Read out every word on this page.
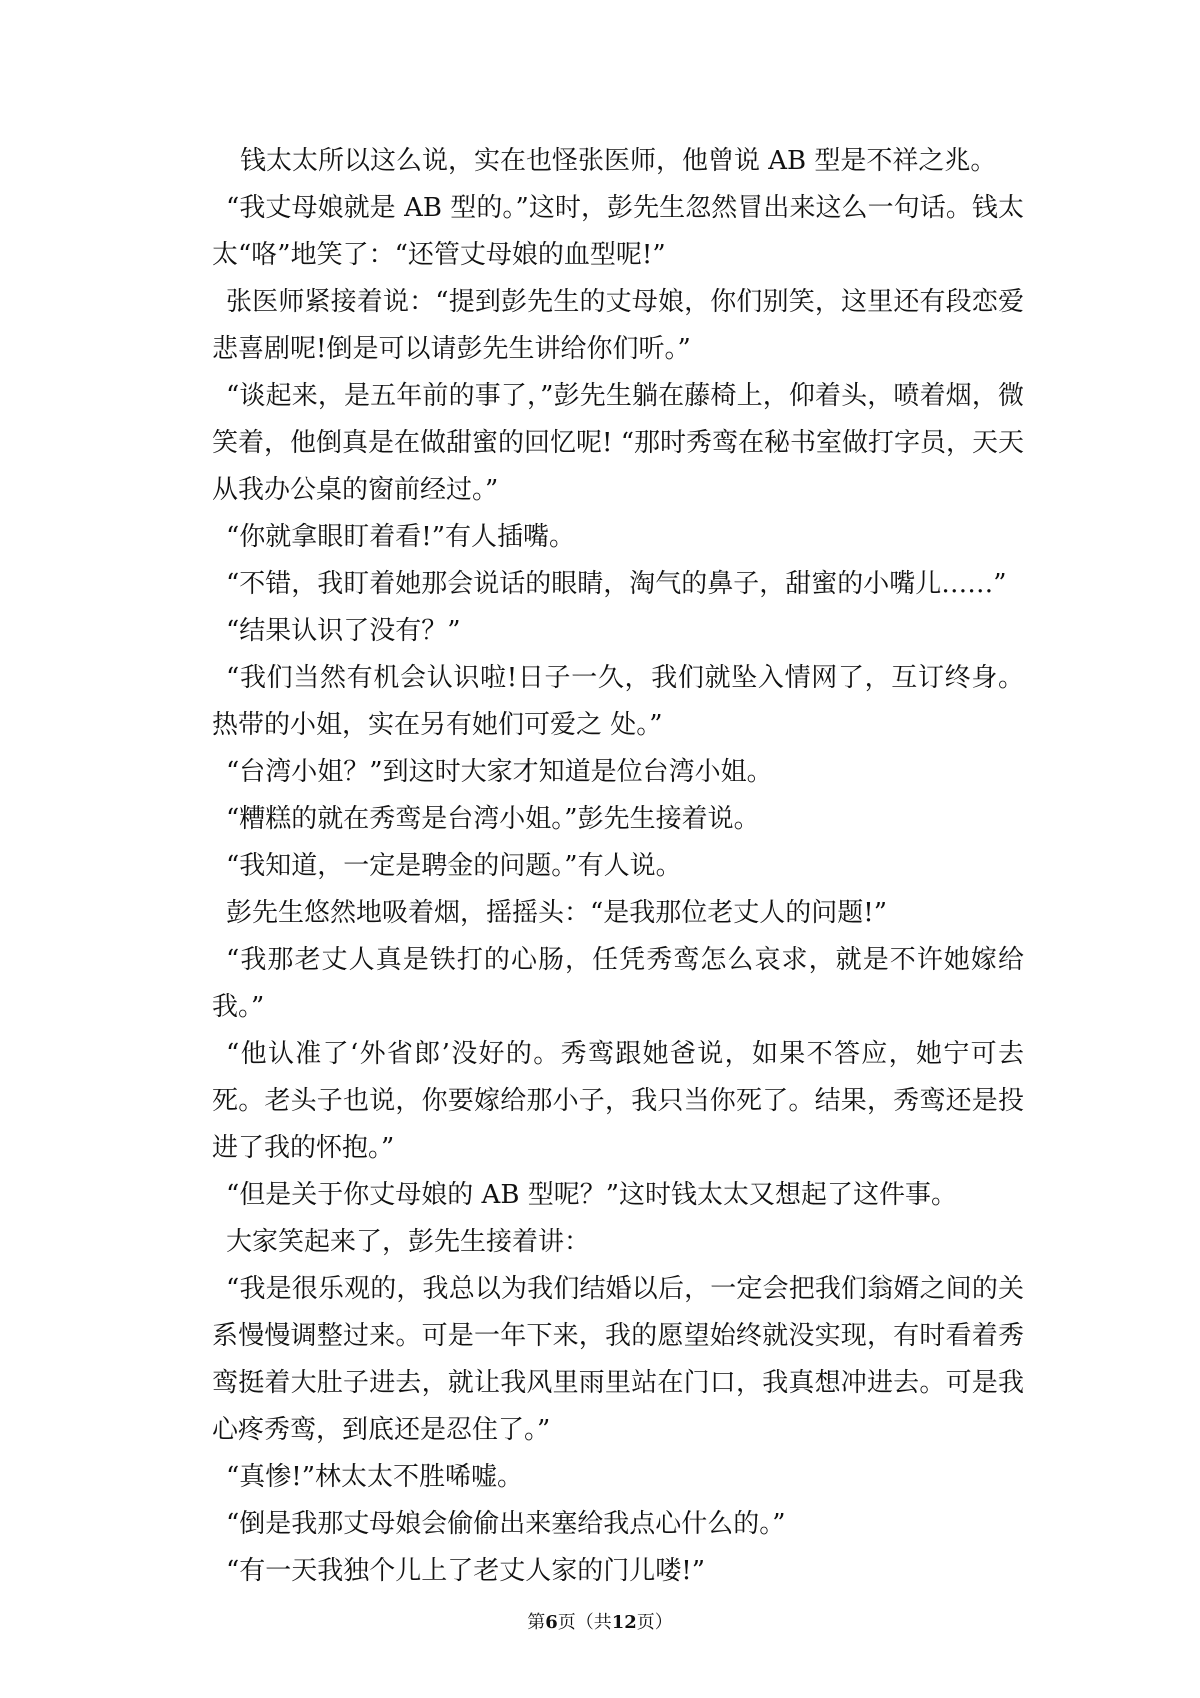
钱太太所以这么说，实在也怪张医师，他曾说 AB 型是不祥之兆。

“我丈母娘就是 AB 型的。”这时，彭先生忽然冒出来这么一句话。钱太太“咯”地笑了：“还管丈母娘的血型呢!”

张医师紧接着说：“提到彭先生的丈母娘，你们别笑，这里还有段恋爱悲喜剧呢!倒是可以请彭先生讲给你们听。”

“谈起来，是五年前的事了，”彭先生躺在藤椅上，仰着头，喷着烟，微笑着，他倒真是在做甜蜜的回忆呢! “那时秀鸾在秘书室做打字员，天天从我办公桌的窗前经过。”

“你就拿眼盯着看!”有人插嘴。

“不错，我盯着她那会说话的眼睛，淘气的鼻子，甜蜜的小嘴儿……”

“结果认识了没有？”

“我们当然有机会认识啦!日子一久，我们就坠入情网了，互订终身。热带的小姐，实在另有她们可爱之 处。”

“台湾小姐？”到这时大家才知道是位台湾小姐。

“糟糕的就在秀鸾是台湾小姐。”彭先生接着说。

“我知道，一定是聘金的问题。”有人说。

彭先生悠然地吸着烟，摇摇头：“是我那位老丈人的问题!”

“我那老丈人真是铁打的心肠，任凭秀鸾怎么哀求，就是不许她嫁给我。”

“他认准了‘外省郎’没好的。秀鸾跟她爸说，如果不答应，她宁可去死。老头子也说，你要嫁给那小子，我只当你死了。结果，秀鸾还是投进了我的怀抱。”

“但是关于你丈母娘的 AB 型呢？”这时钱太太又想起了这件事。

大家笑起来了，彭先生接着讲：

“我是很乐观的，我总以为我们结婚以后，一定会把我们翁婿之间的关系慢慢调整过来。可是一年下来，我的愿望始终就没实现，有时看着秀鸾挺着大肚子进去，就让我风里雨里站在门口，我真想冲进去。可是我心疼秀鸾，到底还是忍住了。”

“真惨!”林太太不胜唏嘘。

“倒是我那丈母娘会偷偷出来塞给我点心什么的。”

“有一天我独个儿上了老丈人家的门儿喽!”

第6页（共12页）
